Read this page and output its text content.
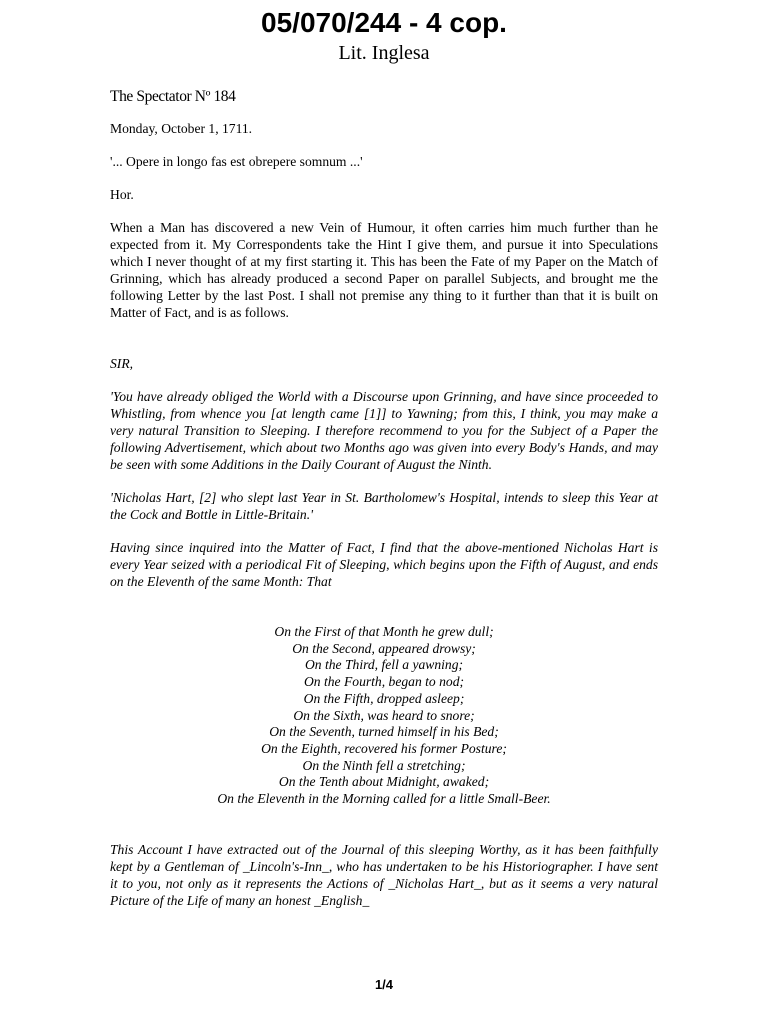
05/070/244 - 4 cop.
Lit. Inglesa

The Spectator Nº 184

Monday, October 1, 1711.

'... Opere in longo fas est obrepere somnum ...'

Hor.

When a Man has discovered a new Vein of Humour, it often carries him much further than he expected from it. My Correspondents take the Hint I give them, and pursue it into Speculations which I never thought of at my first starting it. This has been the Fate of my Paper on the Match of Grinning, which has already produced a second Paper on parallel Subjects, and brought me the following Letter by the last Post. I shall not premise any thing to it further than that it is built on Matter of Fact, and is as follows.

SIR,

'You have already obliged the World with a Discourse upon Grinning, and have since proceeded to Whistling, from whence you [at length came [1]] to Yawning; from this, I think, you may make a very natural Transition to Sleeping. I therefore recommend to you for the Subject of a Paper the following Advertisement, which about two Months ago was given into every Body's Hands, and may be seen with some Additions in the Daily Courant of August the Ninth.

'Nicholas Hart, [2] who slept last Year in St. Bartholomew's Hospital, intends to sleep this Year at the Cock and Bottle in Little-Britain.'

Having since inquired into the Matter of Fact, I find that the above-mentioned Nicholas Hart is every Year seized with a periodical Fit of Sleeping, which begins upon the Fifth of August, and ends on the Eleventh of the same Month: That

On the First of that Month he grew dull;
On the Second, appeared drowsy;
On the Third, fell a yawning;
On the Fourth, began to nod;
On the Fifth, dropped asleep;
On the Sixth, was heard to snore;
On the Seventh, turned himself in his Bed;
On the Eighth, recovered his former Posture;
On the Ninth fell a stretching;
On the Tenth about Midnight, awaked;
On the Eleventh in the Morning called for a little Small-Beer.

This Account I have extracted out of the Journal of this sleeping Worthy, as it has been faithfully kept by a Gentleman of _Lincoln's-Inn_, who has undertaken to be his Historiographer. I have sent it to you, not only as it represents the Actions of _Nicholas Hart_, but as it seems a very natural Picture of the Life of many an honest _English_

1/4
